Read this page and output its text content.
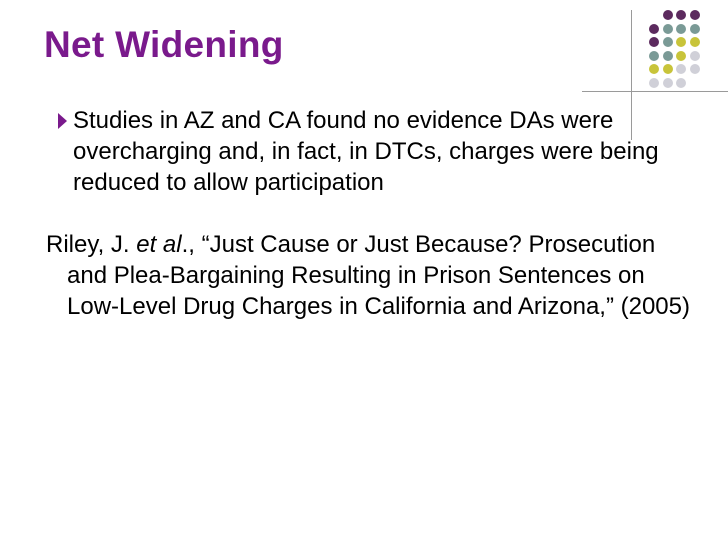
Net Widening
Studies in AZ and CA found no evidence DAs were overcharging and, in fact, in DTCs, charges were being reduced to allow participation
Riley, J. et al., “Just Cause or Just Because? Prosecution and Plea-Bargaining Resulting in Prison Sentences on Low-Level Drug Charges in California and Arizona,” (2005)
